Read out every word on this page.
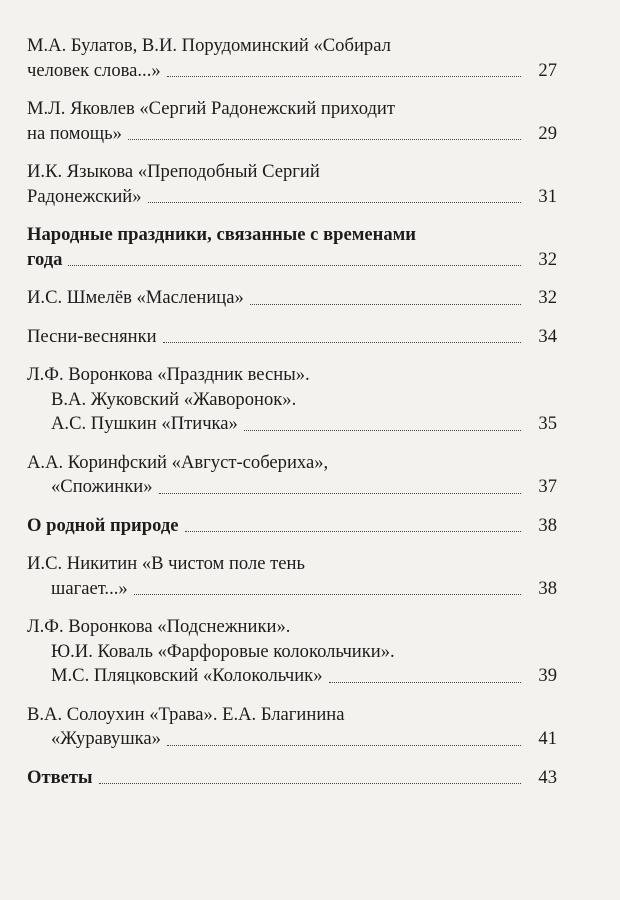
М.А. Булатов, В.И. Порудоминский «Собирал
человек слова...»	27
М.Л. Яковлев «Сергий Радонежский приходит
на помощь»	29
И.К. Языкова «Преподобный Сергий
Радонежский»	31
Народные праздники, связанные с временами
года	32
И.С. Шмелёв «Масленица»	32
Песни-веснянки	34
Л.Ф. Воронкова «Праздник весны».
В.А. Жуковский «Жаворонок».
А.С. Пушкин «Птичка»	35
А.А. Коринфский «Август-собериха»,
«Спожинки»	37
О родной природе	38
И.С. Никитин «В чистом поле тень
шагает...»	38
Л.Ф. Воронкова «Подснежники».
Ю.И. Коваль «Фарфоровые колокольчики».
М.С. Пляцковский «Колокольчик»	39
В.А. Солоухин «Трава». Е.А. Благинина
«Журавушка»	41
Ответы	43
